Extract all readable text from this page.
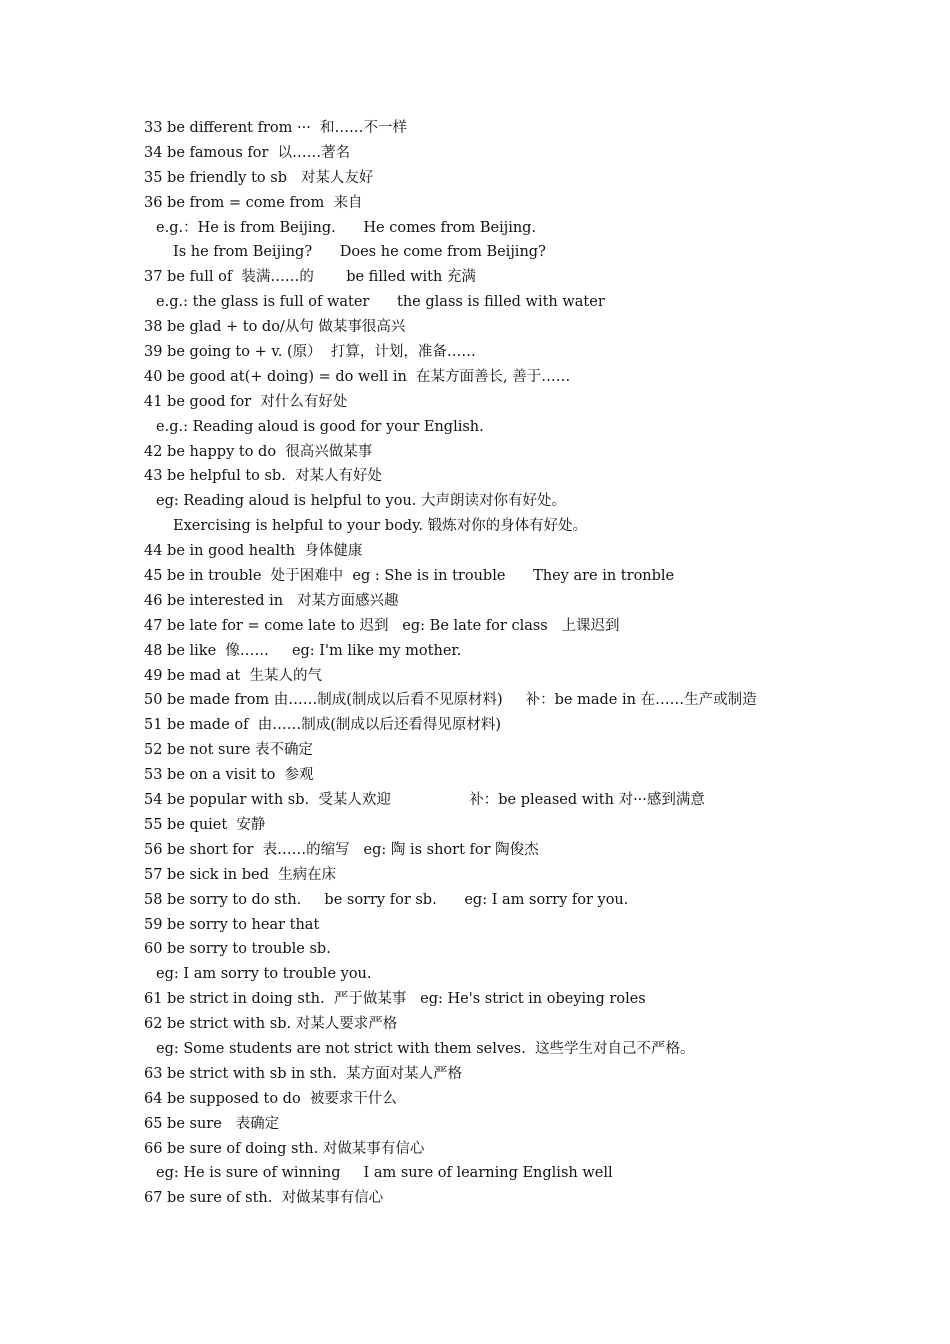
33 be different from ···  和……不一样
34 be famous for  以……著名
35 be friendly to sb   对某人友好
36 be from = come from  来自
e.g.：He is from Beijing.      He comes from Beijing.
Is he from Beijing?      Does he come from Beijing?
37 be full of  装满……的       be filled with 充满
e.g.: the glass is full of water      the glass is filled with water
38 be glad + to do/从句 做某事很高兴
39 be going to + v. (原）  打算，计划，准备……
40 be good at(+ doing) = do well in  在某方面善长, 善于……
41 be good for  对什么有好处
e.g.: Reading aloud is good for your English.
42 be happy to do  很高兴做某事
43 be helpful to sb.  对某人有好处
eg: Reading aloud is helpful to you. 大声朗读对你有好处。
Exercising is helpful to your body. 锻炼对你的身体有好处。
44 be in good health  身体健康
45 be in trouble  处于困难中  eg : She is in trouble      They are in tronble
46 be interested in   对某方面感兴趣
47 be late for = come late to 迟到   eg: Be late for class   上课迟到
48 be like  像……     eg: I'm like my mother.
49 be mad at  生某人的气
50 be made from 由……制成(制成以后看不见原材料)     补：be made in 在……生产或制造
51 be made of  由……制成(制成以后还看得见原材料)
52 be not sure 表不确定
53 be on a visit to  参观
54 be popular with sb.  受某人欢迎                 补：be pleased with 对···感到满意
55 be quiet  安静
56 be short for  表……的缩写   eg: 陶 is short for 陶俊杰
57 be sick in bed  生病在床
58 be sorry to do sth.     be sorry for sb.      eg: I am sorry for you.
59 be sorry to hear that
60 be sorry to trouble sb.
eg: I am sorry to trouble you.
61 be strict in doing sth.  严于做某事   eg: He's strict in obeying roles
62 be strict with sb. 对某人要求严格
eg: Some students are not strict with them selves.  这些学生对自己不严格。
63 be strict with sb in sth.  某方面对某人严格
64 be supposed to do  被要求干什么
65 be sure   表确定
66 be sure of doing sth. 对做某事有信心
eg: He is sure of winning     I am sure of learning English well
67 be sure of sth.  对做某事有信心
